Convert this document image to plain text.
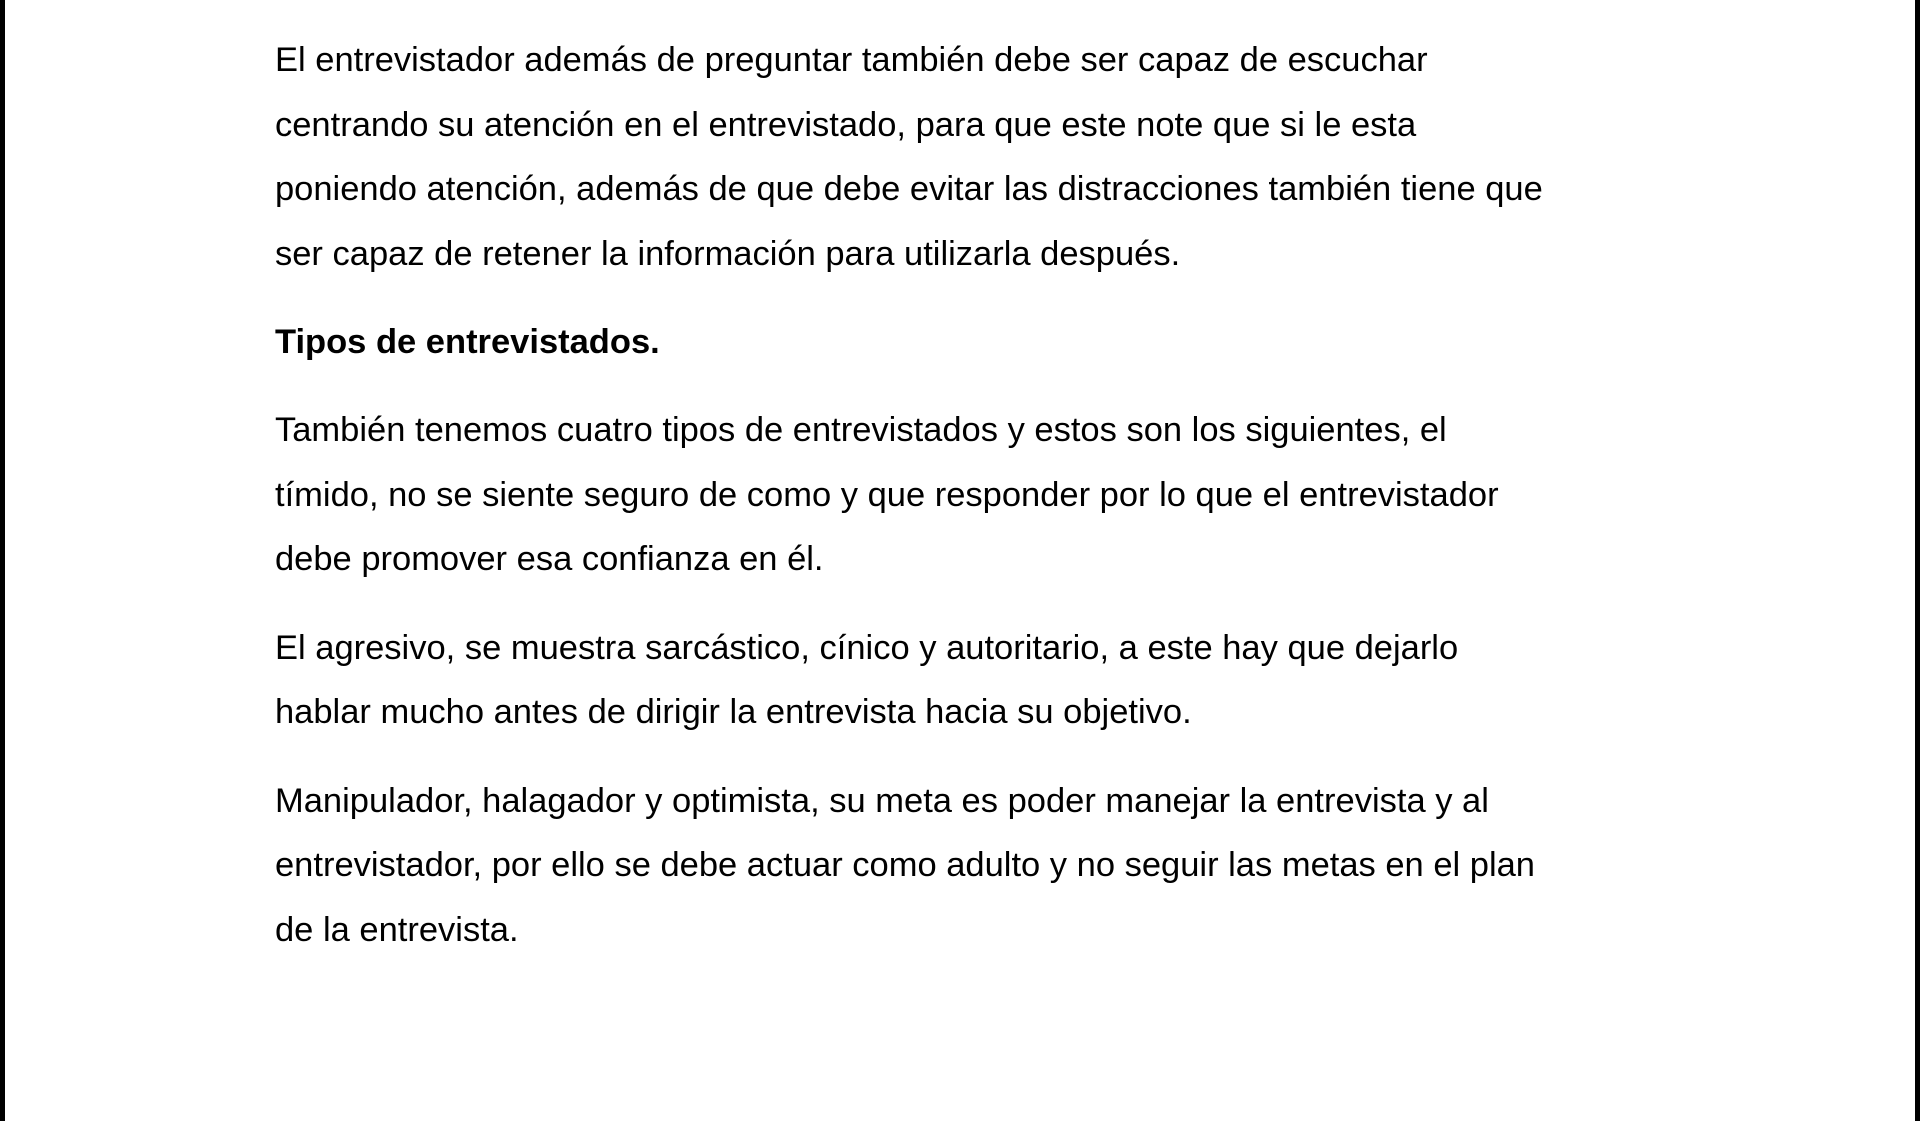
El entrevistador además de preguntar también debe ser capaz de escuchar
centrando su atención en el entrevistado, para que este note que si le esta
poniendo atención, además de que debe evitar las distracciones también tiene que
ser capaz de retener la información para utilizarla después.

Tipos de entrevistados.

También tenemos cuatro tipos de entrevistados y estos son los siguientes, el
tímido, no se siente seguro de como y que responder por lo que el entrevistador
debe promover esa confianza en él.

El agresivo, se muestra sarcástico, cínico y autoritario, a este hay que dejarlo
hablar mucho antes de dirigir la entrevista hacia su objetivo.

Manipulador, halagador y optimista, su meta es poder manejar la entrevista y al
entrevistador, por ello se debe actuar como adulto y no seguir las metas en el plan
de la entrevista.
